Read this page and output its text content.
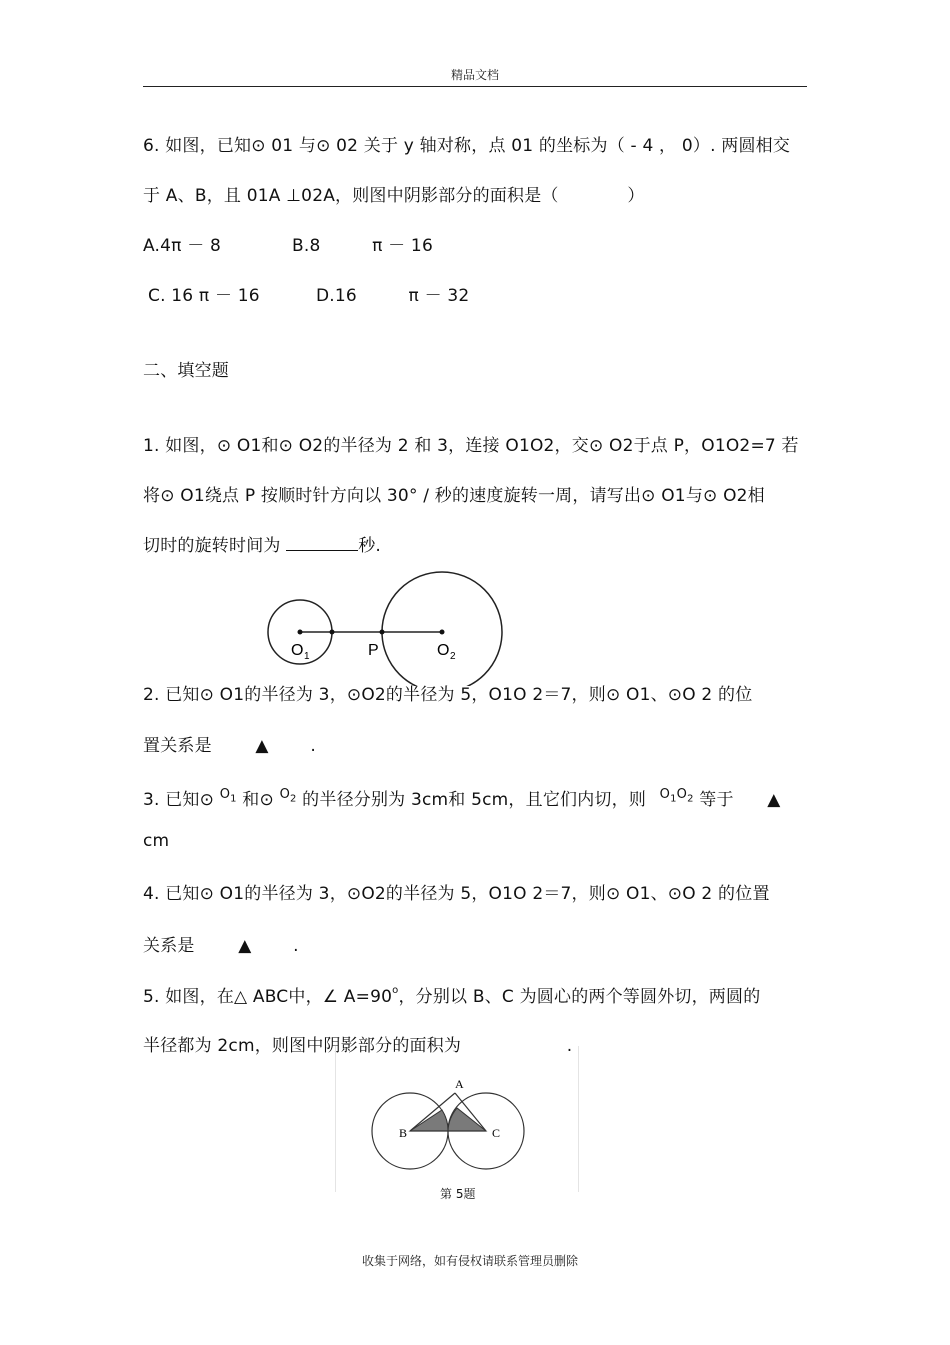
精品文档
6. 如图，已知⊙ 01 与⊙ 02 关于 y 轴对称，点 01 的坐标为（ - 4 ， 0）. 两圆相交
于 A、B，且 01A ⊥02A，则图中阴影部分的面积是（　　　　）
A.4π － 8	B.8　　　π － 16
C. 16 π － 16	D.16　　　π － 32
二、填空题
1. 如图，⊙ O1和⊙ O2的半径为 2 和 3，连接 O1O2，交⊙ O2于点 P，O1O2=7 若
将⊙ O1绕点 P 按顺时针方向以 30° / 秒的速度旋转一周，请写出⊙ O1与⊙ O2相
切时的旋转时间为	秒.
O 1	P	O 2
2. 已知⊙ O1的半径为 3，⊙O2的半径为 5，O1O 2＝7，则⊙ O1、⊙O 2 的位
置关系是	▲ .
3. 已知⊙ $^{O_1}$ 和⊙ $^{O_2}$ 的半径分别为 3cm和 5cm，且它们内切，则 $^{O_1O_2}$ 等于 ▲
cm
4. 已知⊙ O1的半径为 3，⊙O2的半径为 5，O1O 2＝7，则⊙ O1、⊙O 2 的位置
关系是	▲ .
5. 如图，在△ ABC中，∠ $A=90^o$，分别以 B、C 为圆心的两个等圆外切，两圆的
半径都为 2cm，则图中阴影部分的面积为	.
A
B	C
第 5题
收集于网络，如有侵权请联系管理员删除
